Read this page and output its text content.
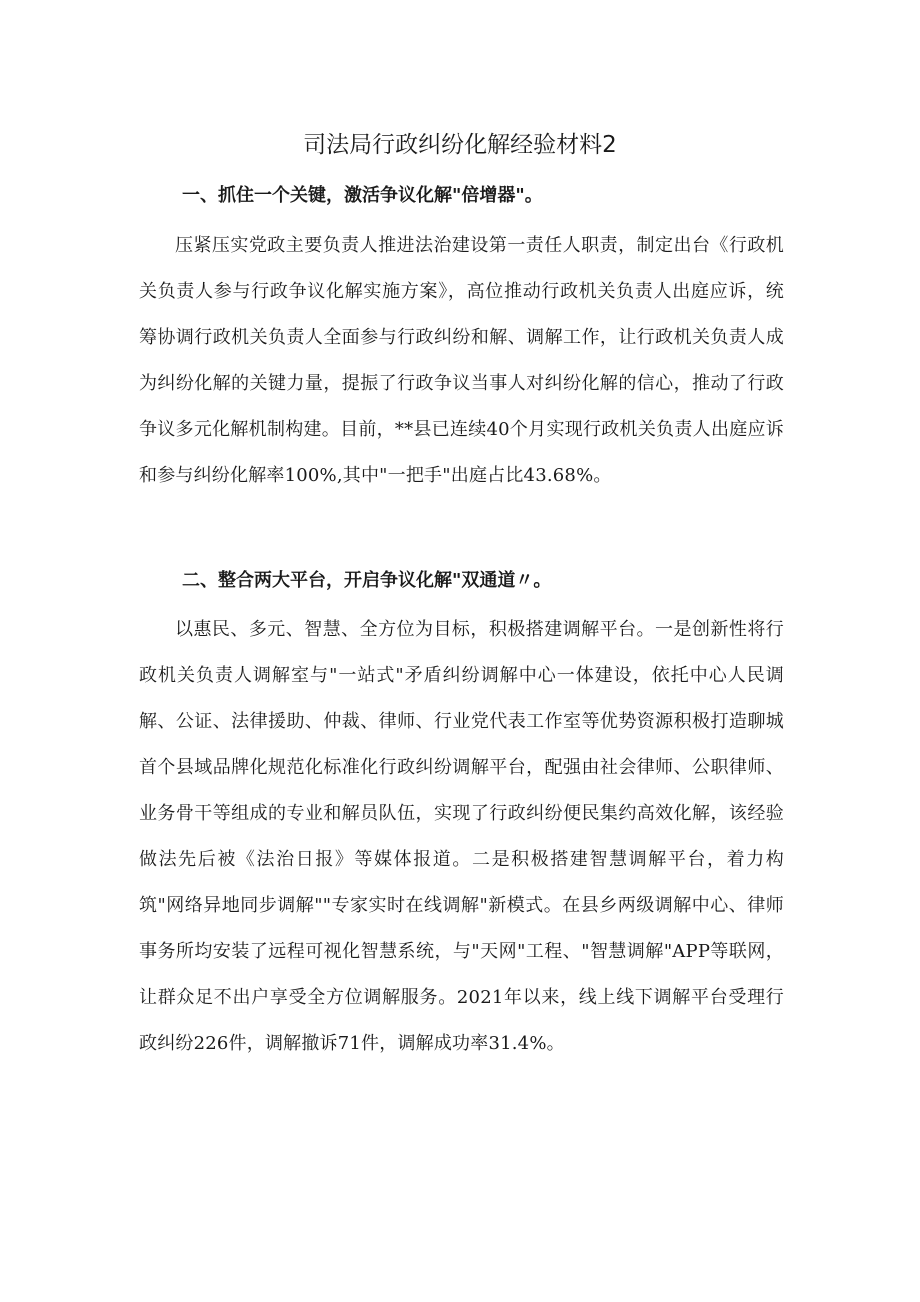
司法局行政纠纷化解经验材料2
一、抓住一个关键，激活争议化解"倍增器"。

压紧压实党政主要负责人推进法治建设第一责任人职责，制定出台《行政机关负责人参与行政争议化解实施方案》，高位推动行政机关负责人出庭应诉，统筹协调行政机关负责人全面参与行政纠纷和解、调解工作，让行政机关负责人成为纠纷化解的关键力量，提振了行政争议当事人对纠纷化解的信心，推动了行政争议多元化解机制构建。目前，**县已连续40个月实现行政机关负责人出庭应诉和参与纠纷化解率100%,其中"一把手"出庭占比43.68%。

二、整合两大平台，开启争议化解"双通道〃。

以惠民、多元、智慧、全方位为目标，积极搭建调解平台。一是创新性将行政机关负责人调解室与"一站式"矛盾纠纷调解中心一体建设，依托中心人民调解、公证、法律援助、仲裁、律师、行业党代表工作室等优势资源积极打造聊城首个县域品牌化规范化标准化行政纠纷调解平台，配强由社会律师、公职律师、业务骨干等组成的专业和解员队伍，实现了行政纠纷便民集约高效化解，该经验做法先后被《法治日报》等媒体报道。二是积极搭建智慧调解平台，着力构筑"网络异地同步调解""专家实时在线调解"新模式。在县乡两级调解中心、律师事务所均安装了远程可视化智慧系统，与"天网"工程、"智慧调解"APP等联网，让群众足不出户享受全方位调解服务。2021年以来，线上线下调解平台受理行政纠纷226件，调解撤诉71件，调解成功率31.4%。
